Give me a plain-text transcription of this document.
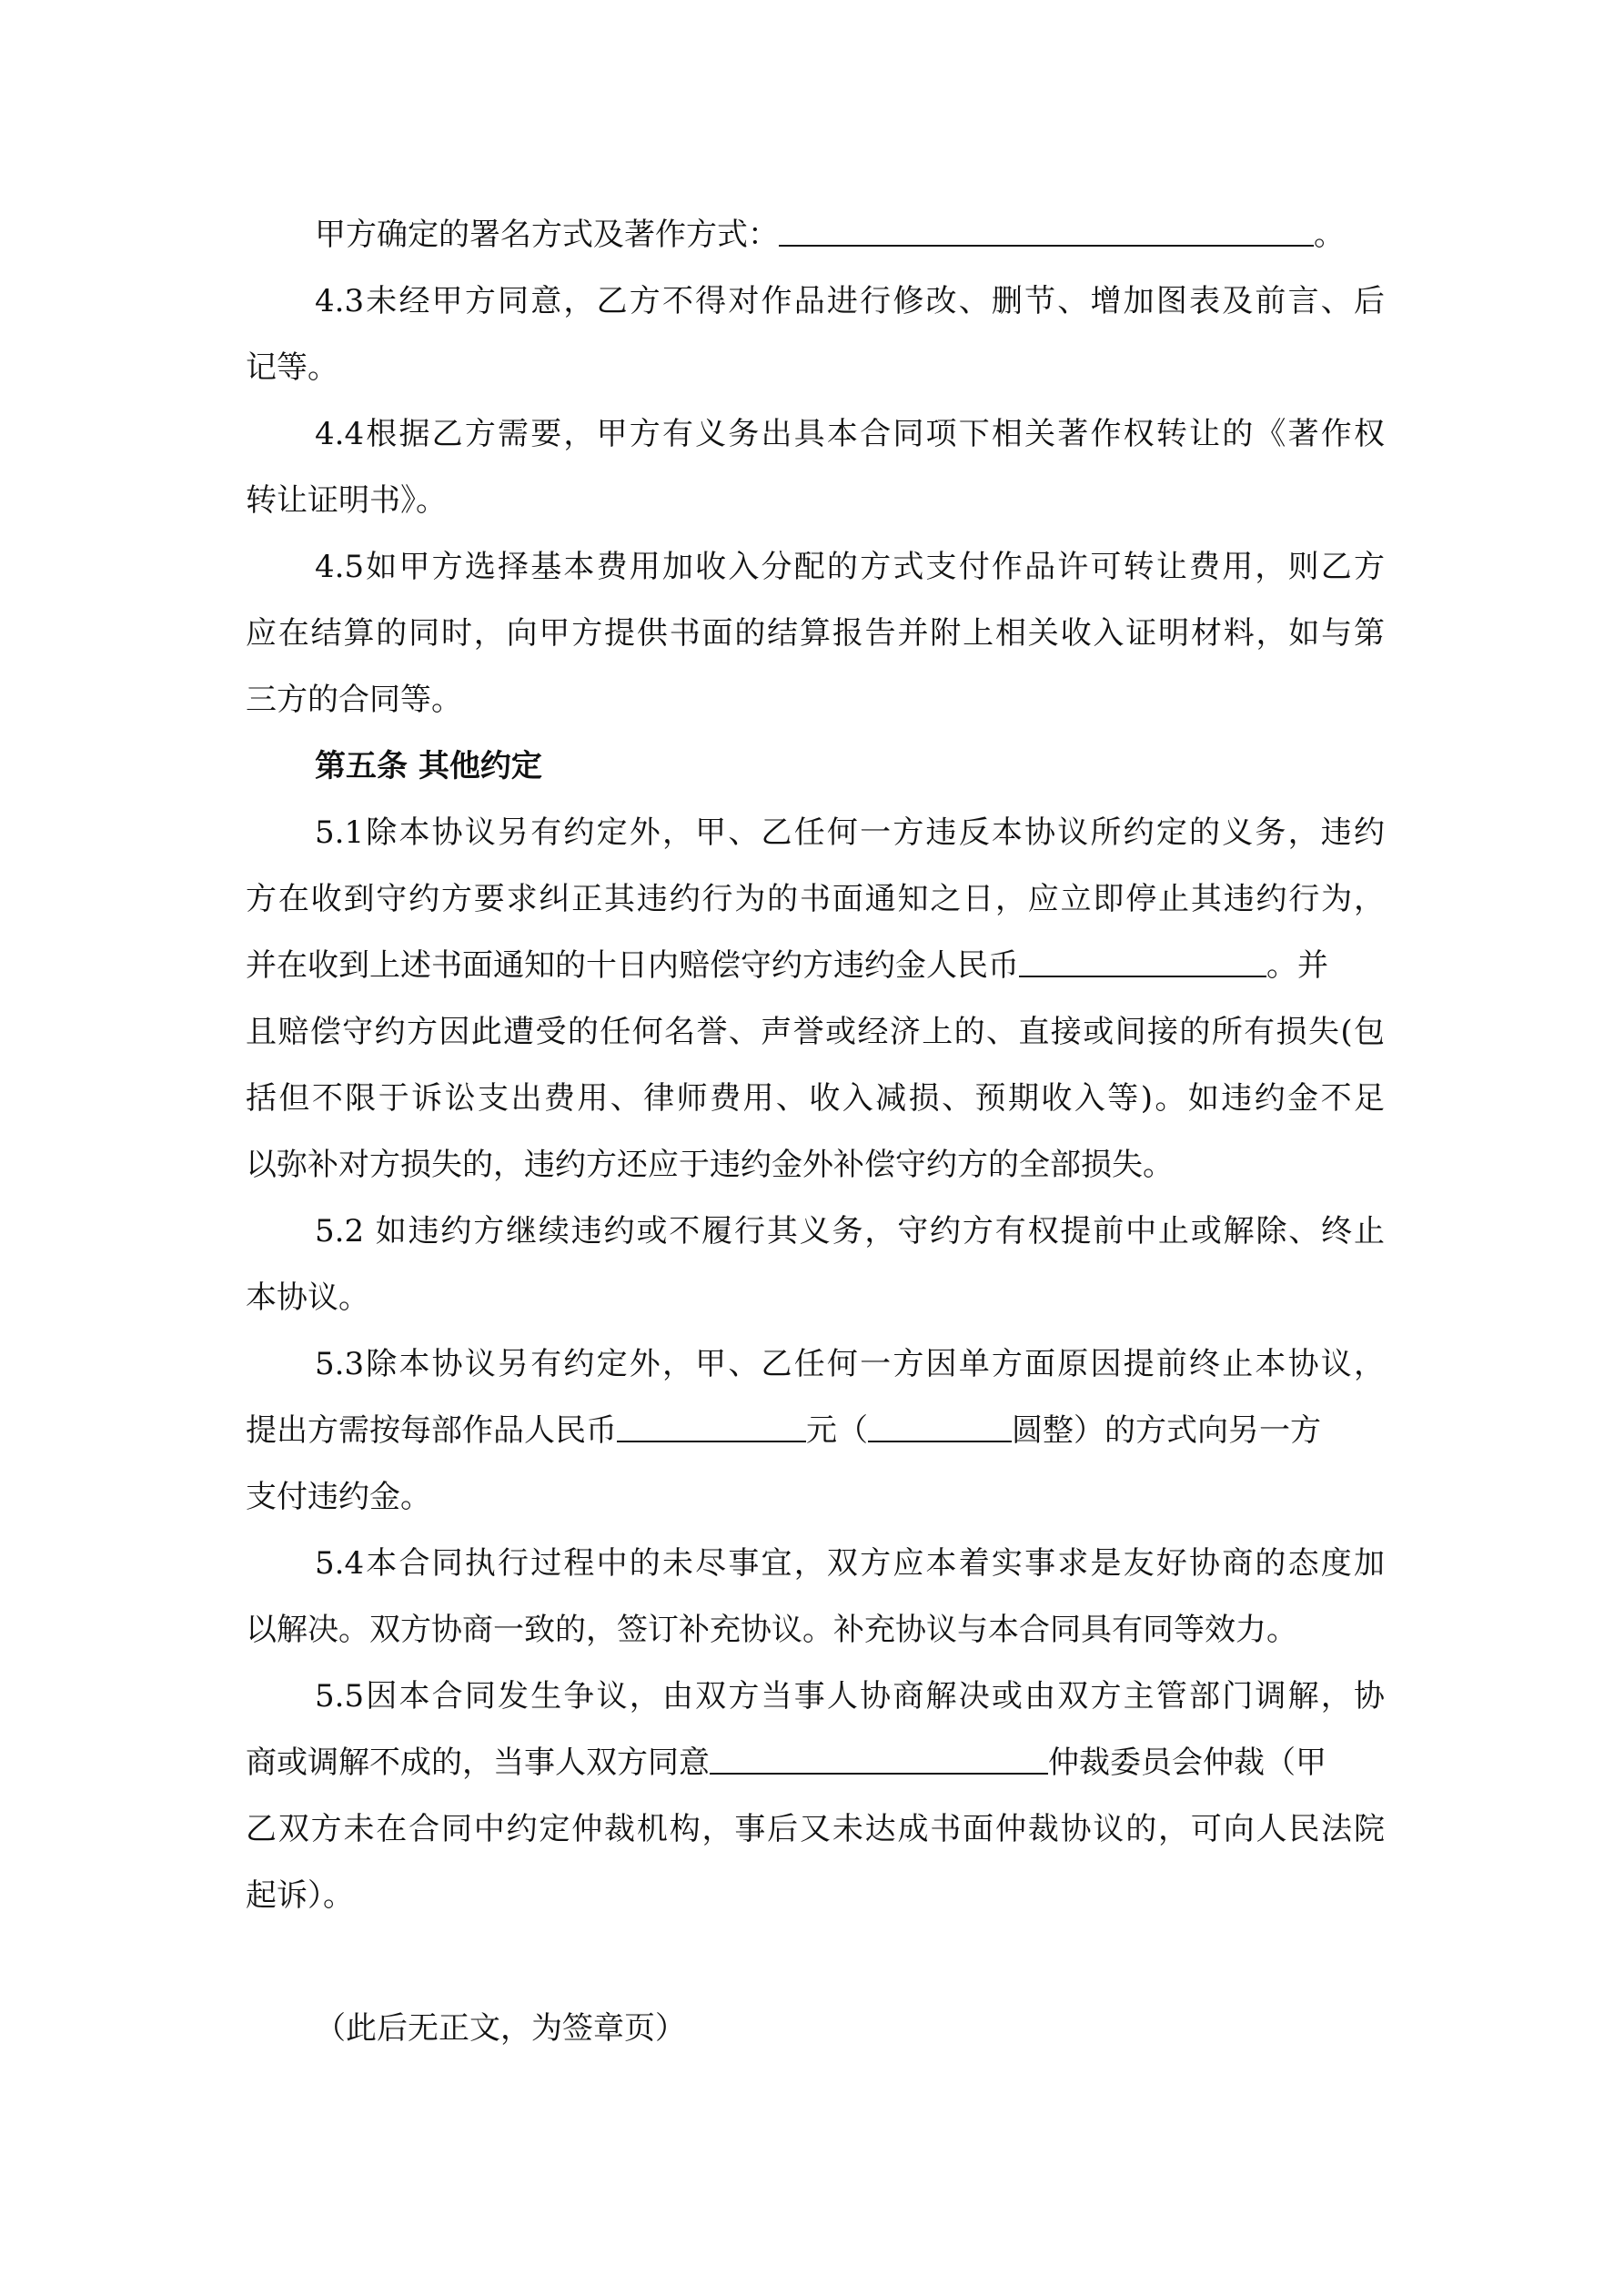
甲方确定的署名方式及著作方式：	。
4.3未经甲方同意，乙方不得对作品进行修改、删节、增加图表及前言、后
记等。
4.4根据乙方需要，甲方有义务出具本合同项下相关著作权转让的《著作权
转让证明书》。
4.5如甲方选择基本费用加收入分配的方式支付作品许可转让费用，则乙方
应在结算的同时，向甲方提供书面的结算报告并附上相关收入证明材料，如与第
三方的合同等。
第五条 其他约定
5.1除本协议另有约定外，甲、乙任何一方违反本协议所约定的义务，违约
方在收到守约方要求纠正其违约行为的书面通知之日，应立即停止其违约行为，
并在收到上述书面通知的十日内赔偿守约方违约金人民币	。并
且赔偿守约方因此遭受的任何名誉、声誉或经济上的、直接或间接的所有损失(包
括但不限于诉讼支出费用、律师费用、收入减损、预期收入等)。如违约金不足
以弥补对方损失的，违约方还应于违约金外补偿守约方的全部损失。
5.2 如违约方继续违约或不履行其义务，守约方有权提前中止或解除、终止
本协议。
5.3除本协议另有约定外，甲、乙任何一方因单方面原因提前终止本协议，
提出方需按每部作品人民币	元（	圆整）的方式向另一方
支付违约金。
5.4本合同执行过程中的未尽事宜，双方应本着实事求是友好协商的态度加
以解决。双方协商一致的，签订补充协议。补充协议与本合同具有同等效力。
5.5因本合同发生争议，由双方当事人协商解决或由双方主管部门调解，协
商或调解不成的，当事人双方同意	仲裁委员会仲裁（甲
乙双方未在合同中约定仲裁机构，事后又未达成书面仲裁协议的，可向人民法院
起诉）。
（此后无正文，为签章页）
